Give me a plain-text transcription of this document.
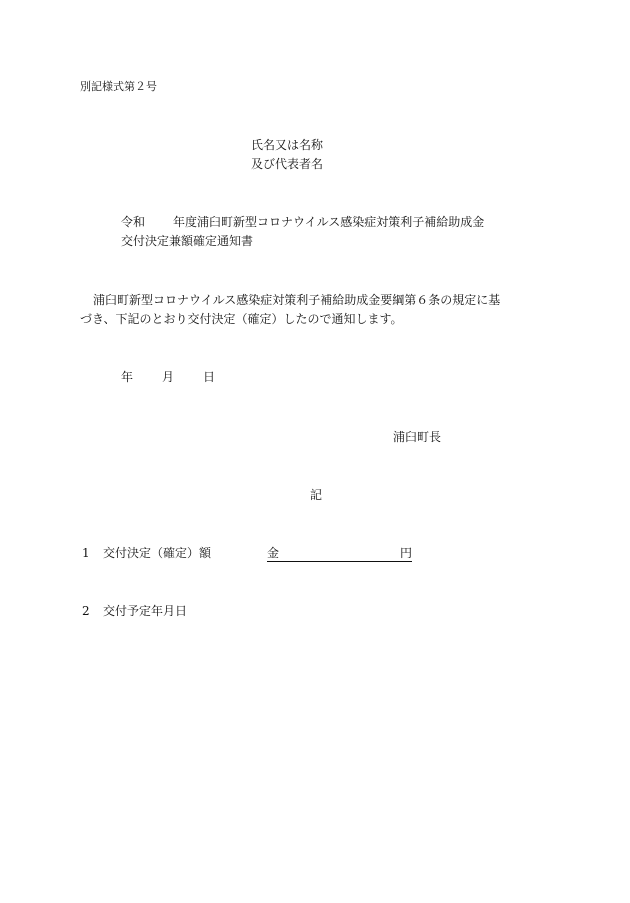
別記様式第２号
氏名又は名称
及び代表者名
令和 年度浦臼町新型コロナウイルス感染症対策利子補給助成金
交付決定兼額確定通知書
浦臼町新型コロナウイルス感染症対策利子補給助成金要綱第６条の規定に基
づき、下記のとおり交付決定（確定）したので通知します。
年 月 日
浦臼町長
記
1 交付決定（確定）額	金	円
2 交付予定年月日
